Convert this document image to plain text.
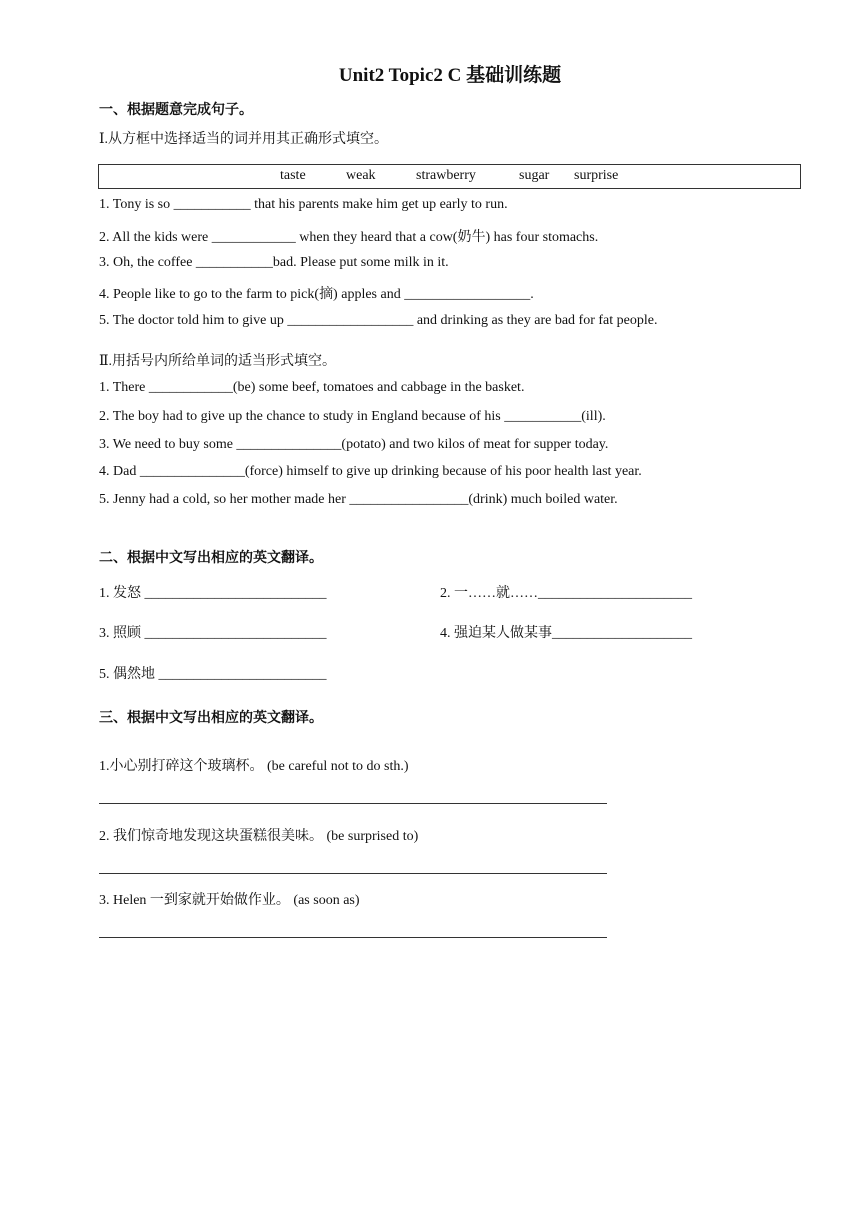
Unit2 Topic2 C 基础训练题
一、根据题意完成句子。
Ⅰ.从方框中选择适当的词并用其正确形式填空。
taste	weak	strawberry	sugar surprise
1. Tony is so ___________ that his parents make him get up early to run.
2. All the kids were ____________ when they heard that a cow(奶牛) has four stomachs.
3. Oh, the coffee ___________bad. Please put some milk in it.
4. People like to go to the farm to pick(摘) apples and __________________.
5. The doctor told him to give up __________________ and drinking as they are bad for fat people.
Ⅱ.用括号内所给单词的适当形式填空。
1. There ____________(be) some beef, tomatoes and cabbage in the basket.
2. The boy had to give up the chance to study in England because of his ___________(ill).
3. We need to buy some _______________(potato) and two kilos of meat for supper today.
4. Dad _______________(force) himself to give up drinking because of his poor health last year.
5. Jenny had a cold, so her mother made her _________________(drink) much boiled water.
二、根据中文写出相应的英文翻译。
1. 发怒 __________________________	2. 一……就……______________________
3. 照顾 __________________________	4. 强迫某人做某事____________________
5. 偶然地 ________________________
三、根据中文写出相应的英文翻译。
1.小心别打碎这个玻璃杯。 (be careful not to do sth.)
2. 我们惊奇地发现这块蛋糕很美味。 (be surprised to)
3. Helen 一到家就开始做作业。 (as soon as)
